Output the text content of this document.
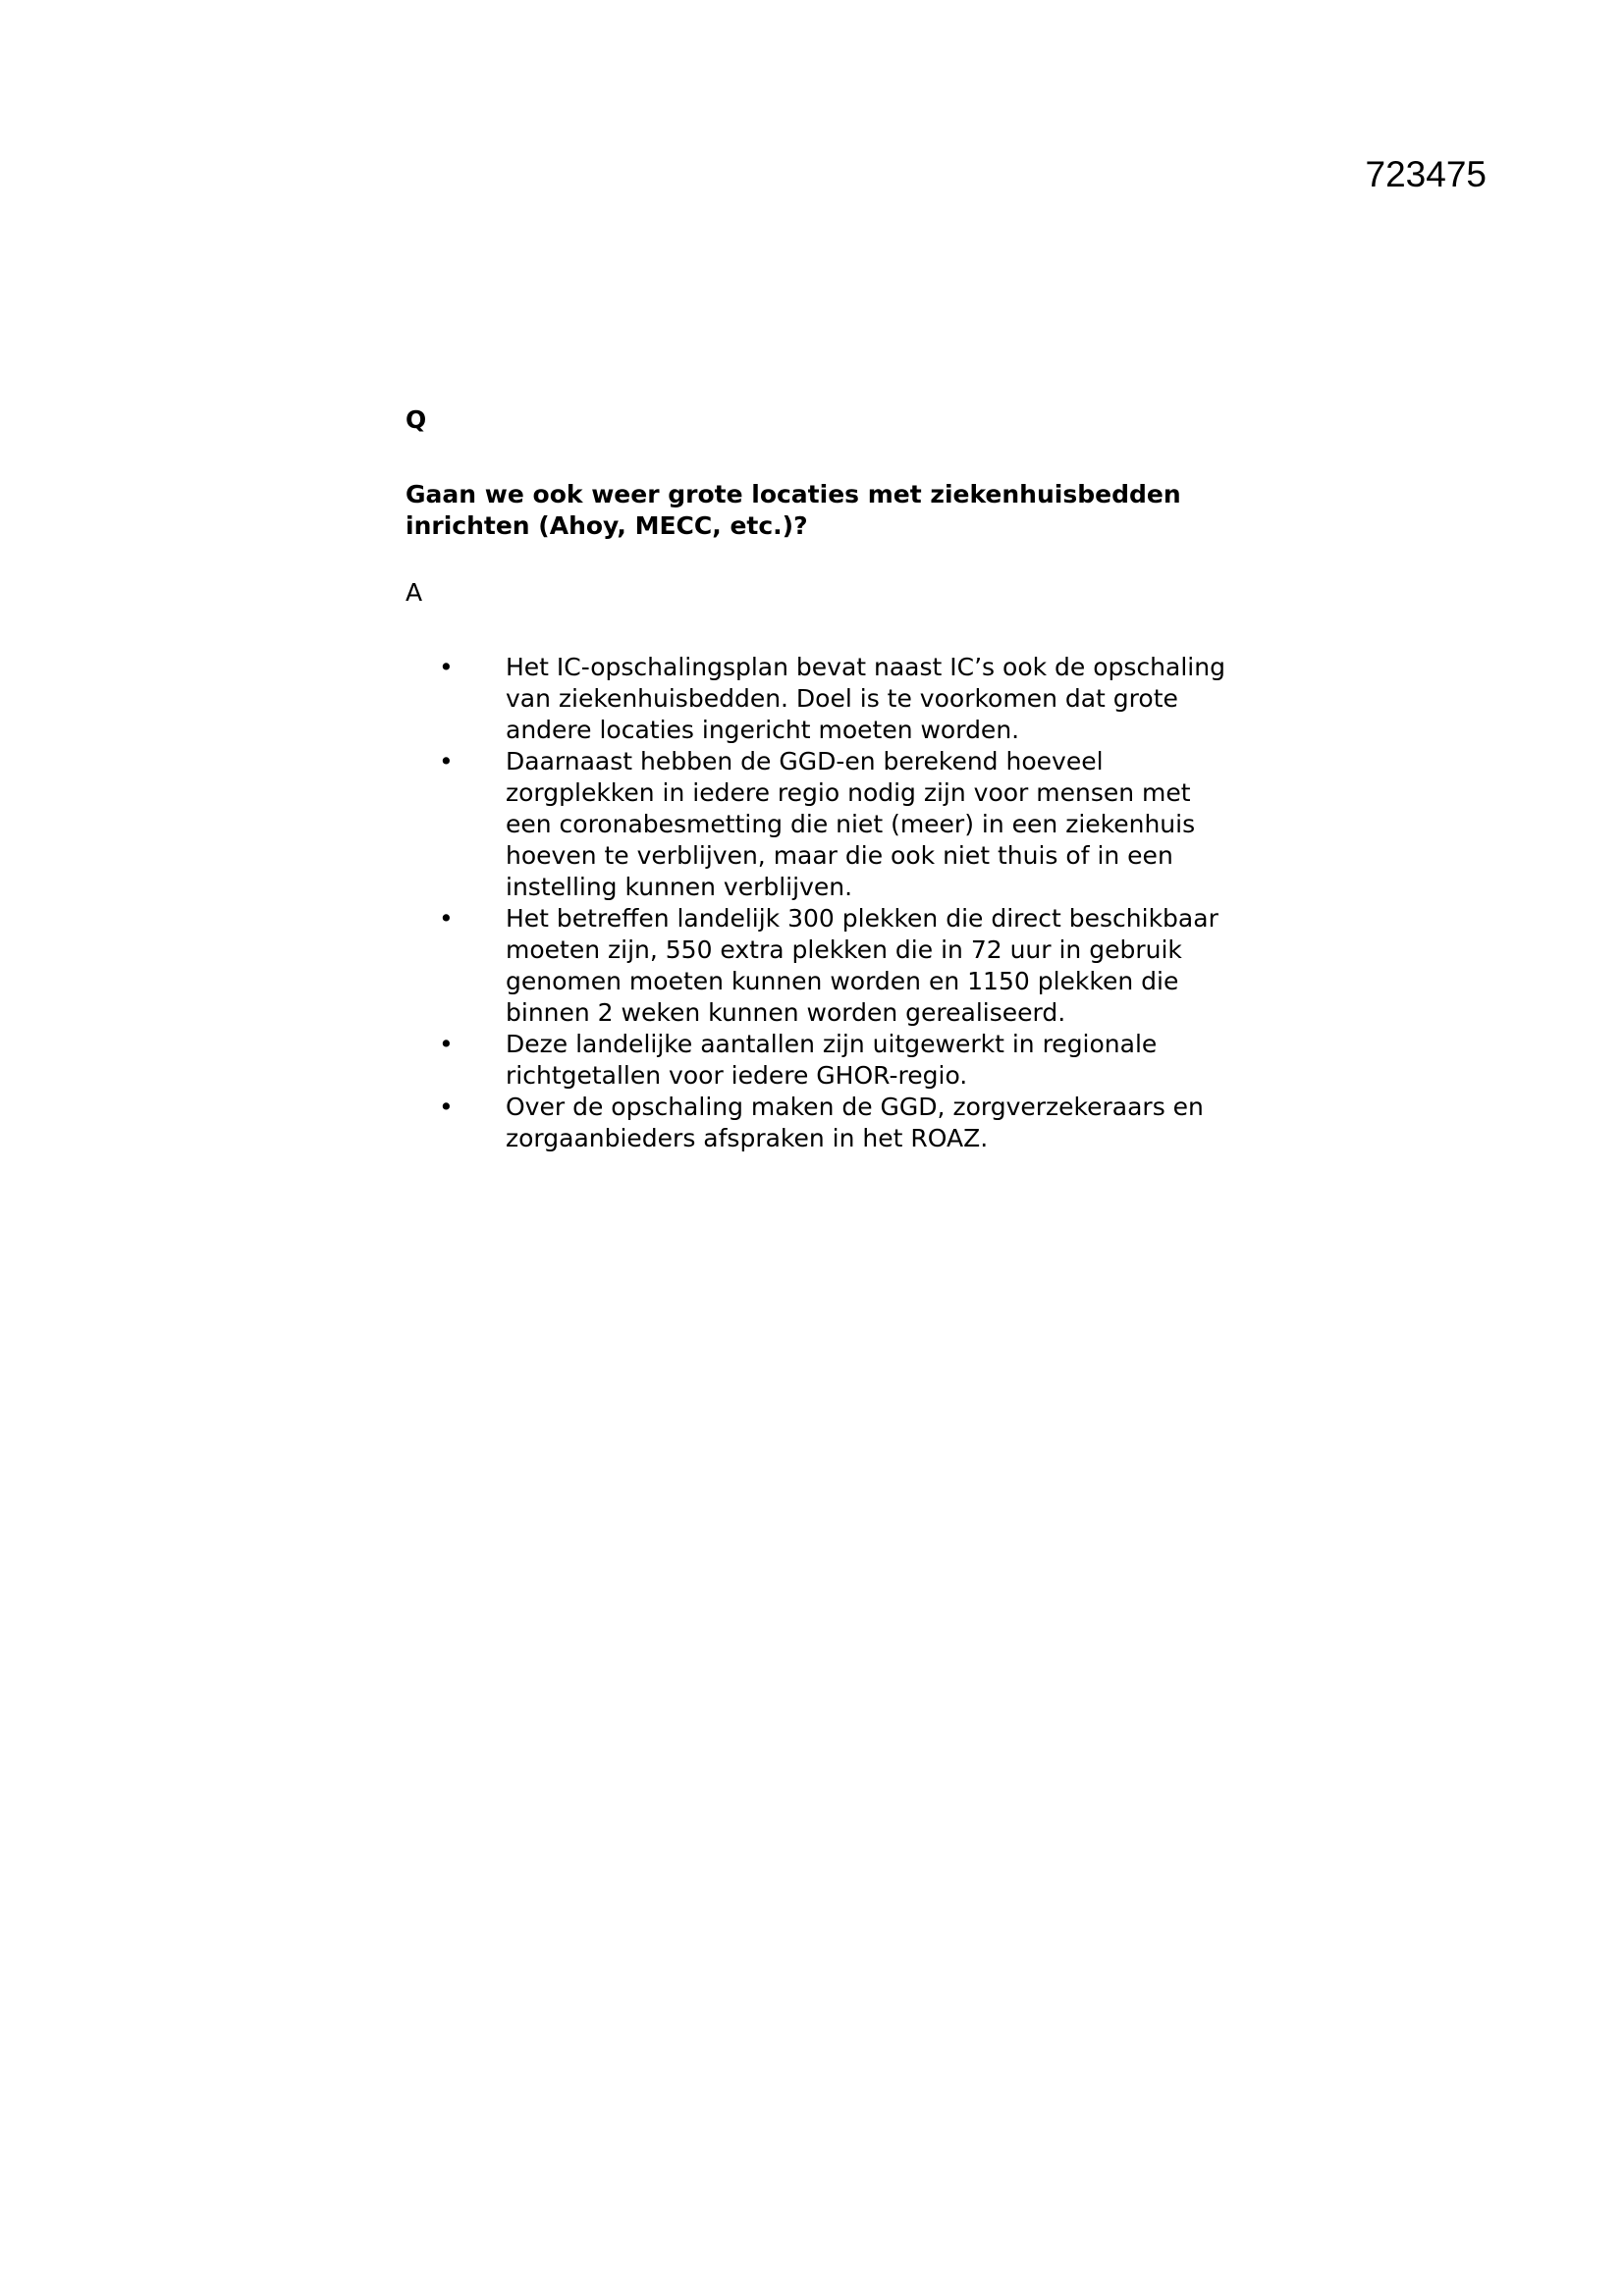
723475
Q
Gaan we ook weer grote locaties met ziekenhuisbedden inrichten (Ahoy, MECC, etc.)?
A
• Het IC-opschalingsplan bevat naast IC’s ook de opschaling van ziekenhuisbedden. Doel is te voorkomen dat grote andere locaties ingericht moeten worden.
• Daarnaast hebben de GGD-en berekend hoeveel zorgplekken in iedere regio nodig zijn voor mensen met een coronabesmetting die niet (meer) in een ziekenhuis hoeven te verblijven, maar die ook niet thuis of in een instelling kunnen verblijven.
• Het betreffen landelijk 300 plekken die direct beschikbaar moeten zijn, 550 extra plekken die in 72 uur in gebruik genomen moeten kunnen worden en 1150 plekken die binnen 2 weken kunnen worden gerealiseerd.
• Deze landelijke aantallen zijn uitgewerkt in regionale richtgetallen voor iedere GHOR-regio.
• Over de opschaling maken de GGD, zorgverzekeraars en zorgaanbieders afspraken in het ROAZ.
